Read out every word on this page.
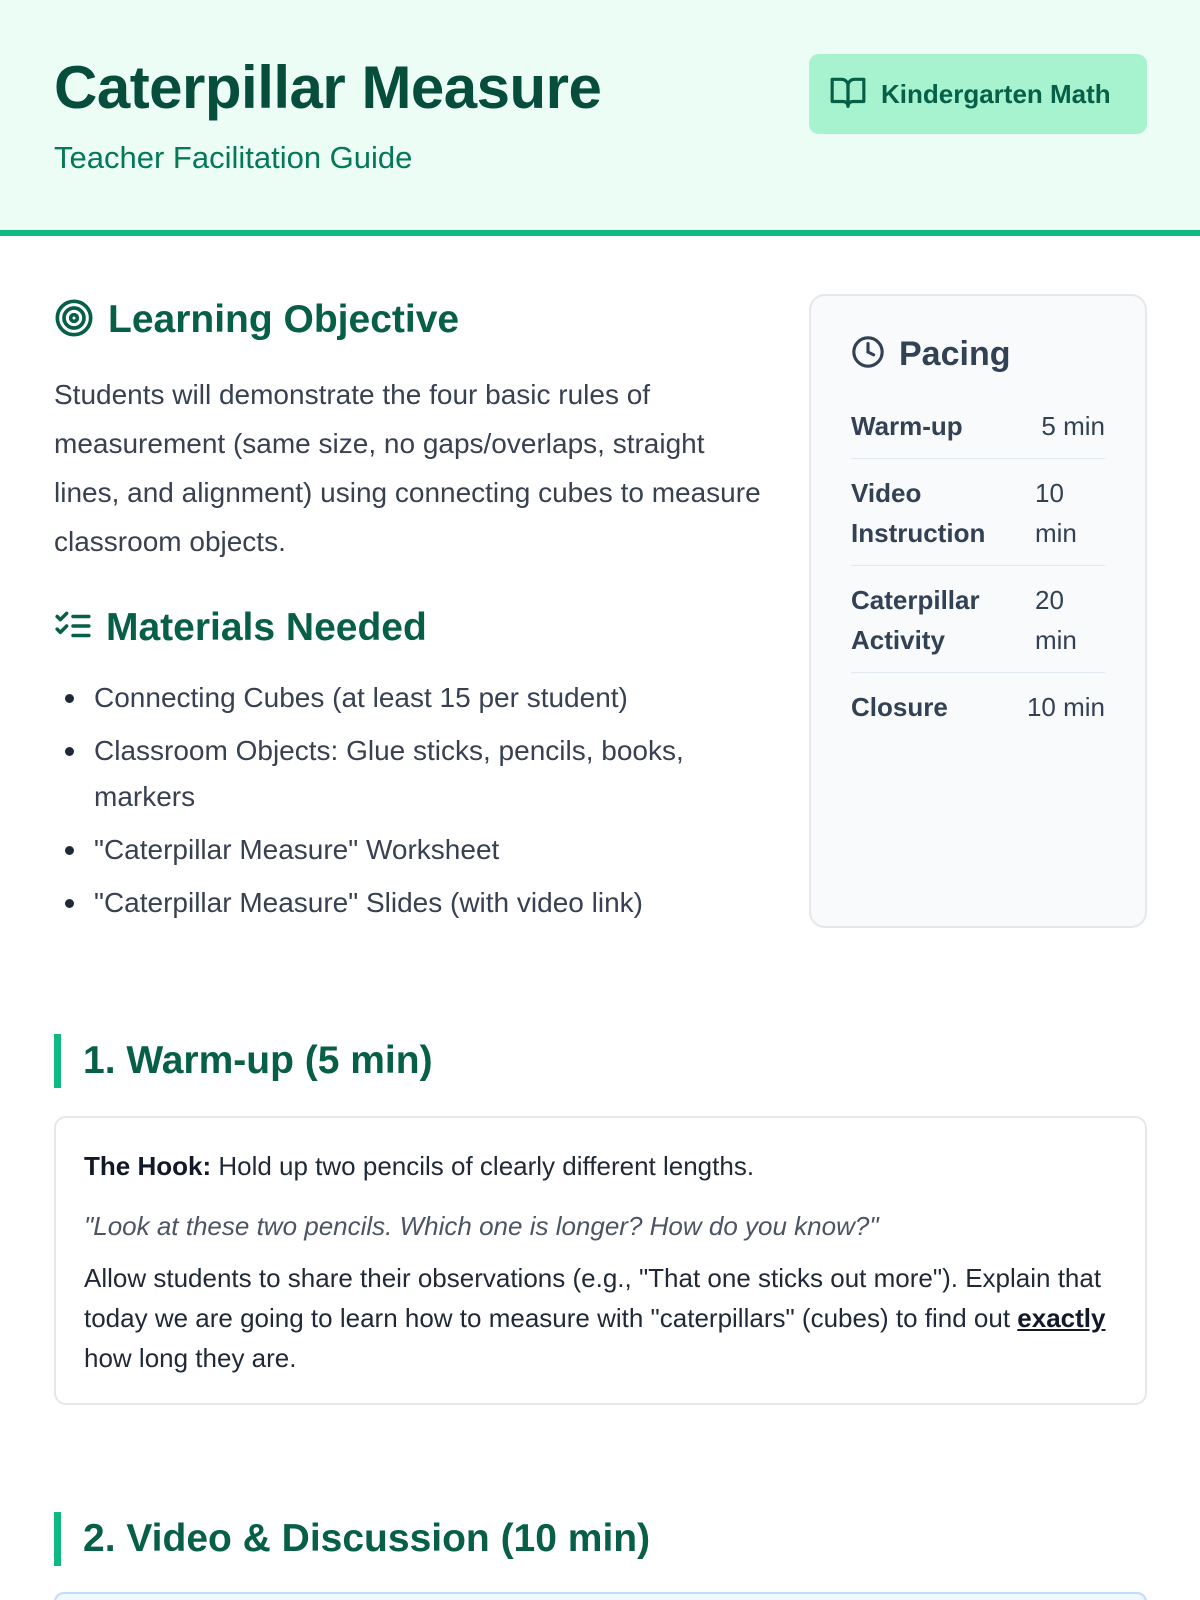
Caterpillar Measure
Teacher Facilitation Guide
Kindergarten Math
Learning Objective

Students will demonstrate the four basic rules of measurement (same size, no gaps/overlaps, straight lines, and alignment) using connecting cubes to measure classroom objects.

Materials Needed
Connecting Cubes (at least 15 per student)
Classroom Objects: Glue sticks, pencils, books, markers
"Caterpillar Measure" Worksheet
"Caterpillar Measure" Slides (with video link)
Pacing
Warm-up	5 min
Video Instruction
10 min
Caterpillar Activity
20 min
Closure	10 min
1. Warm-up (5 min)

The Hook: Hold up two pencils of clearly different lengths.

"Look at these two pencils. Which one is longer? How do you know?"

Allow students to share their observations (e.g., "That one sticks out more"). Explain that today we are going to learn how to measure with "caterpillars" (cubes) to find out exactly how long they are.

2. Video & Discussion (10 min)
